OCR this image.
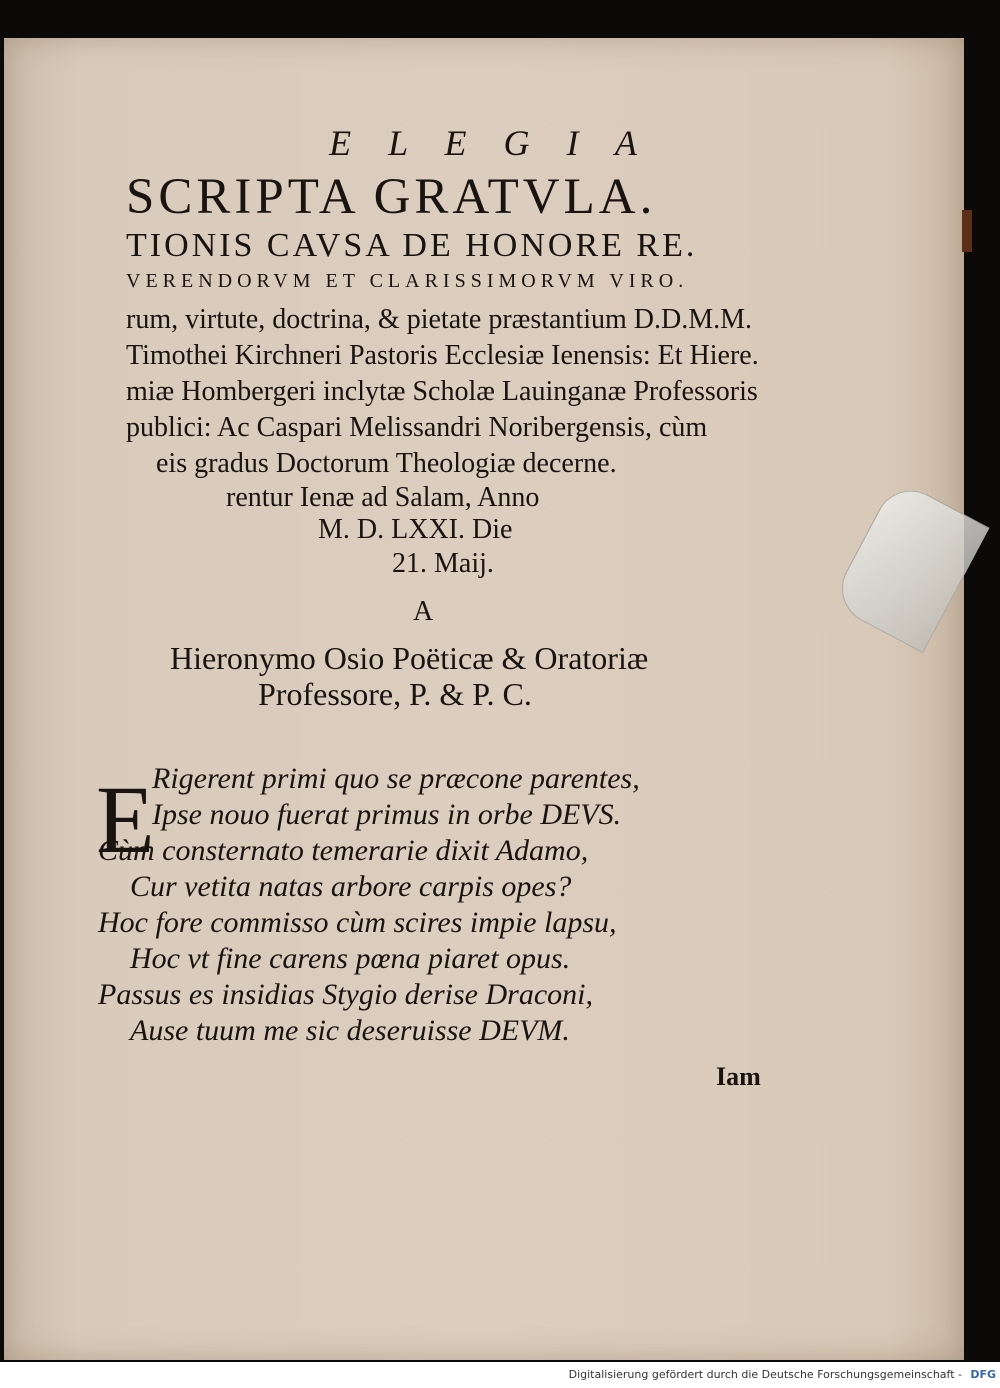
E L E G I A
SCRIPTA GRATVLA.
TIONIS CAVSA DE HONORE RE.
VERENDORVM ET CLARISSIMORVM VIRO.
rum, virtute, doctrina, & pietate præstantium D.D.M.M.
Timothei Kirchneri Pastoris Ecclesiæ Ienensis: Et Hiere.
miæ Hombergeri inclytæ Scholæ Lauinganæ Professoris
publici: Ac Caspari Melissandri Noribergensis, cùm
eis gradus Doctorum Theologiæ decerne.
rentur Ienæ ad Salam, Anno
M. D. LXXI. Die
21. Maij.
A
Hieronymo Osio Poëticæ & Oratoriæ
Professore, P. & P. C.
E
Rigerent primi quo se præcone parentes,
Ipse nouo fuerat primus in orbe DEVS.
Cùm consternato temerarie dixit Adamo,
Cur vetita natas arbore carpis opes?
Hoc fore commisso cùm scires impie lapsu,
Hoc vt fine carens pœna piaret opus.
Passus es insidias Stygio derise Draconi,
Ause tuum me sic deseruisse DEVM.
Iam
Digitalisierung gefördert durch die Deutsche Forschungsgemeinschaft - DFG
